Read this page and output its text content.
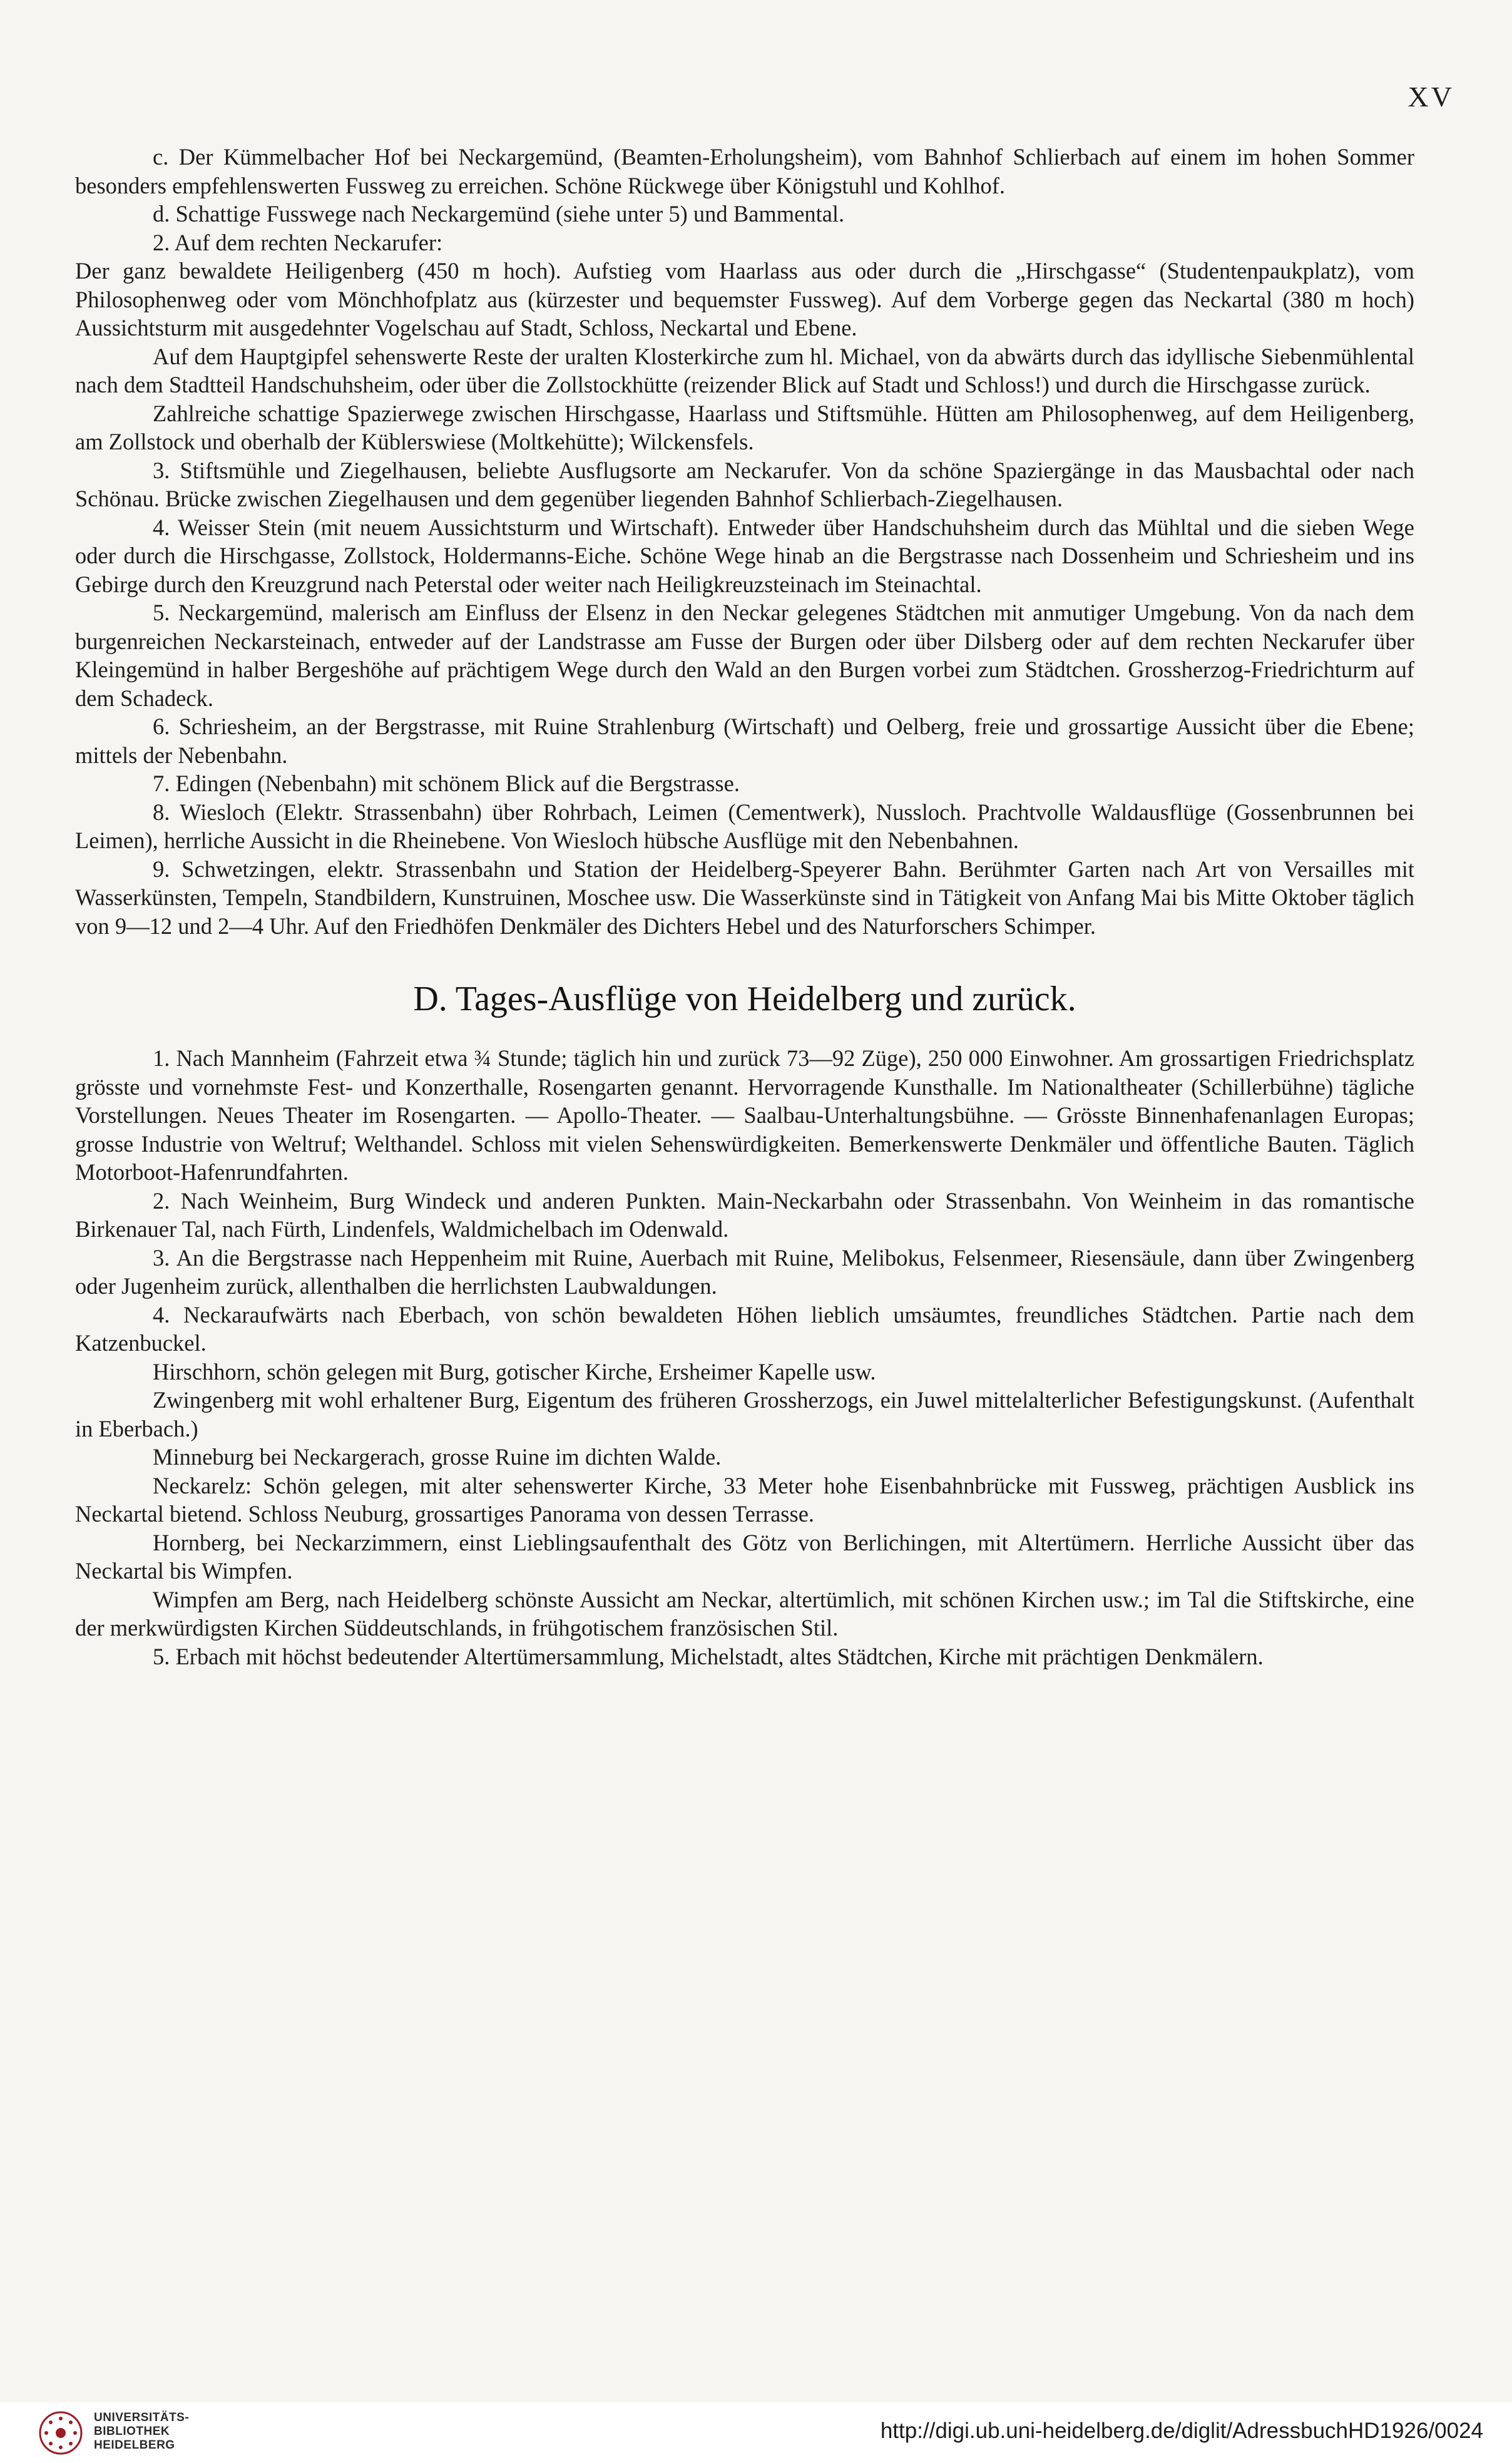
XV

c. Der Kümmelbacher Hof bei Neckargemünd, (Beamten-Erholungsheim), vom Bahnhof Schlierbach auf einem im hohen Sommer besonders empfehlenswerten Fussweg zu erreichen. Schöne Rückwege über Königstuhl und Kohlhof.

d. Schattige Fusswege nach Neckargemünd (siehe unter 5) und Bammental.

2. Auf dem rechten Neckarufer:

Der ganz bewaldete Heiligenberg (450 m hoch). Aufstieg vom Haarlass aus oder durch die „Hirschgasse“ (Studentenpaukplatz), vom Philosophenweg oder vom Mönchhofplatz aus (kürzester und bequemster Fussweg). Auf dem Vorberge gegen das Neckartal (380 m hoch) Aussichtsturm mit ausgedehnter Vogelschau auf Stadt, Schloss, Neckartal und Ebene.

Auf dem Hauptgipfel sehenswerte Reste der uralten Klosterkirche zum hl. Michael, von da abwärts durch das idyllische Siebenmühlental nach dem Stadtteil Handschuhsheim, oder über die Zollstockhütte (reizender Blick auf Stadt und Schloss!) und durch die Hirschgasse zurück.

Zahlreiche schattige Spazierwege zwischen Hirschgasse, Haarlass und Stiftsmühle. Hütten am Philosophenweg, auf dem Heiligenberg, am Zollstock und oberhalb der Küblerswiese (Moltkehütte); Wilckensfels.

3. Stiftsmühle und Ziegelhausen, beliebte Ausflugsorte am Neckarufer. Von da schöne Spaziergänge in das Mausbachtal oder nach Schönau. Brücke zwischen Ziegelhausen und dem gegenüber liegenden Bahnhof Schlierbach-Ziegelhausen.

4. Weisser Stein (mit neuem Aussichtsturm und Wirtschaft). Entweder über Handschuhsheim durch das Mühltal und die sieben Wege oder durch die Hirschgasse, Zollstock, Holdermanns-Eiche. Schöne Wege hinab an die Bergstrasse nach Dossenheim und Schriesheim und ins Gebirge durch den Kreuzgrund nach Peterstal oder weiter nach Heiligkreuzsteinach im Steinachtal.

5. Neckargemünd, malerisch am Einfluss der Elsenz in den Neckar gelegenes Städtchen mit anmutiger Umgebung. Von da nach dem burgenreichen Neckarsteinach, entweder auf der Landstrasse am Fusse der Burgen oder über Dilsberg oder auf dem rechten Neckarufer über Kleingemünd in halber Bergeshöhe auf prächtigem Wege durch den Wald an den Burgen vorbei zum Städtchen. Grossherzog-Friedrichturm auf dem Schadeck.

6. Schriesheim, an der Bergstrasse, mit Ruine Strahlenburg (Wirtschaft) und Oelberg, freie und grossartige Aussicht über die Ebene; mittels der Nebenbahn.

7. Edingen (Nebenbahn) mit schönem Blick auf die Bergstrasse.

8. Wiesloch (Elektr. Strassenbahn) über Rohrbach, Leimen (Cementwerk), Nussloch. Prachtvolle Waldausflüge (Gossenbrunnen bei Leimen), herrliche Aussicht in die Rheinebene. Von Wiesloch hübsche Ausflüge mit den Nebenbahnen.

9. Schwetzingen, elektr. Strassenbahn und Station der Heidelberg-Speyerer Bahn. Berühmter Garten nach Art von Versailles mit Wasserkünsten, Tempeln, Standbildern, Kunstruinen, Moschee usw. Die Wasserkünste sind in Tätigkeit von Anfang Mai bis Mitte Oktober täglich von 9—12 und 2—4 Uhr. Auf den Friedhöfen Denkmäler des Dichters Hebel und des Naturforschers Schimper.

D. Tages-Ausflüge von Heidelberg und zurück.

1. Nach Mannheim (Fahrzeit etwa ¾ Stunde; täglich hin und zurück 73—92 Züge), 250 000 Einwohner. Am grossartigen Friedrichsplatz grösste und vornehmste Fest- und Konzerthalle, Rosengarten genannt. Hervorragende Kunsthalle. Im Nationaltheater (Schillerbühne) tägliche Vorstellungen. Neues Theater im Rosengarten. — Apollo-Theater. — Saalbau-Unterhaltungsbühne. — Grösste Binnenhafenanlagen Europas; grosse Industrie von Weltruf; Welthandel. Schloss mit vielen Sehenswürdigkeiten. Bemerkenswerte Denkmäler und öffentliche Bauten. Täglich Motorboot-Hafenrundfahrten.

2. Nach Weinheim, Burg Windeck und anderen Punkten. Main-Neckarbahn oder Strassenbahn. Von Weinheim in das romantische Birkenauer Tal, nach Fürth, Lindenfels, Waldmichelbach im Odenwald.

3. An die Bergstrasse nach Heppenheim mit Ruine, Auerbach mit Ruine, Melibokus, Felsenmeer, Riesensäule, dann über Zwingenberg oder Jugenheim zurück, allenthalben die herrlichsten Laubwaldungen.

4. Neckaraufwärts nach Eberbach, von schön bewaldeten Höhen lieblich umsäumtes, freundliches Städtchen. Partie nach dem Katzenbuckel.

Hirschhorn, schön gelegen mit Burg, gotischer Kirche, Ersheimer Kapelle usw.

Zwingenberg mit wohl erhaltener Burg, Eigentum des früheren Grossherzogs, ein Juwel mittelalterlicher Befestigungskunst. (Aufenthalt in Eberbach.)

Minneburg bei Neckargerach, grosse Ruine im dichten Walde.

Neckarelz: Schön gelegen, mit alter sehenswerter Kirche, 33 Meter hohe Eisenbahnbrücke mit Fussweg, prächtigen Ausblick ins Neckartal bietend. Schloss Neuburg, grossartiges Panorama von dessen Terrasse.

Hornberg, bei Neckarzimmern, einst Lieblingsaufenthalt des Götz von Berlichingen, mit Altertümern. Herrliche Aussicht über das Neckartal bis Wimpfen.

Wimpfen am Berg, nach Heidelberg schönste Aussicht am Neckar, altertümlich, mit schönen Kirchen usw.; im Tal die Stiftskirche, eine der merkwürdigsten Kirchen Süddeutschlands, in frühgotischem französischen Stil.

5. Erbach mit höchst bedeutender Altertümersammlung, Michelstadt, altes Städtchen, Kirche mit prächtigen Denkmälern.

UNIVERSITÄTS-
BIBLIOTHEK
HEIDELBERG
http://digi.ub.uni-heidelberg.de/diglit/AdressbuchHD1926/0024
